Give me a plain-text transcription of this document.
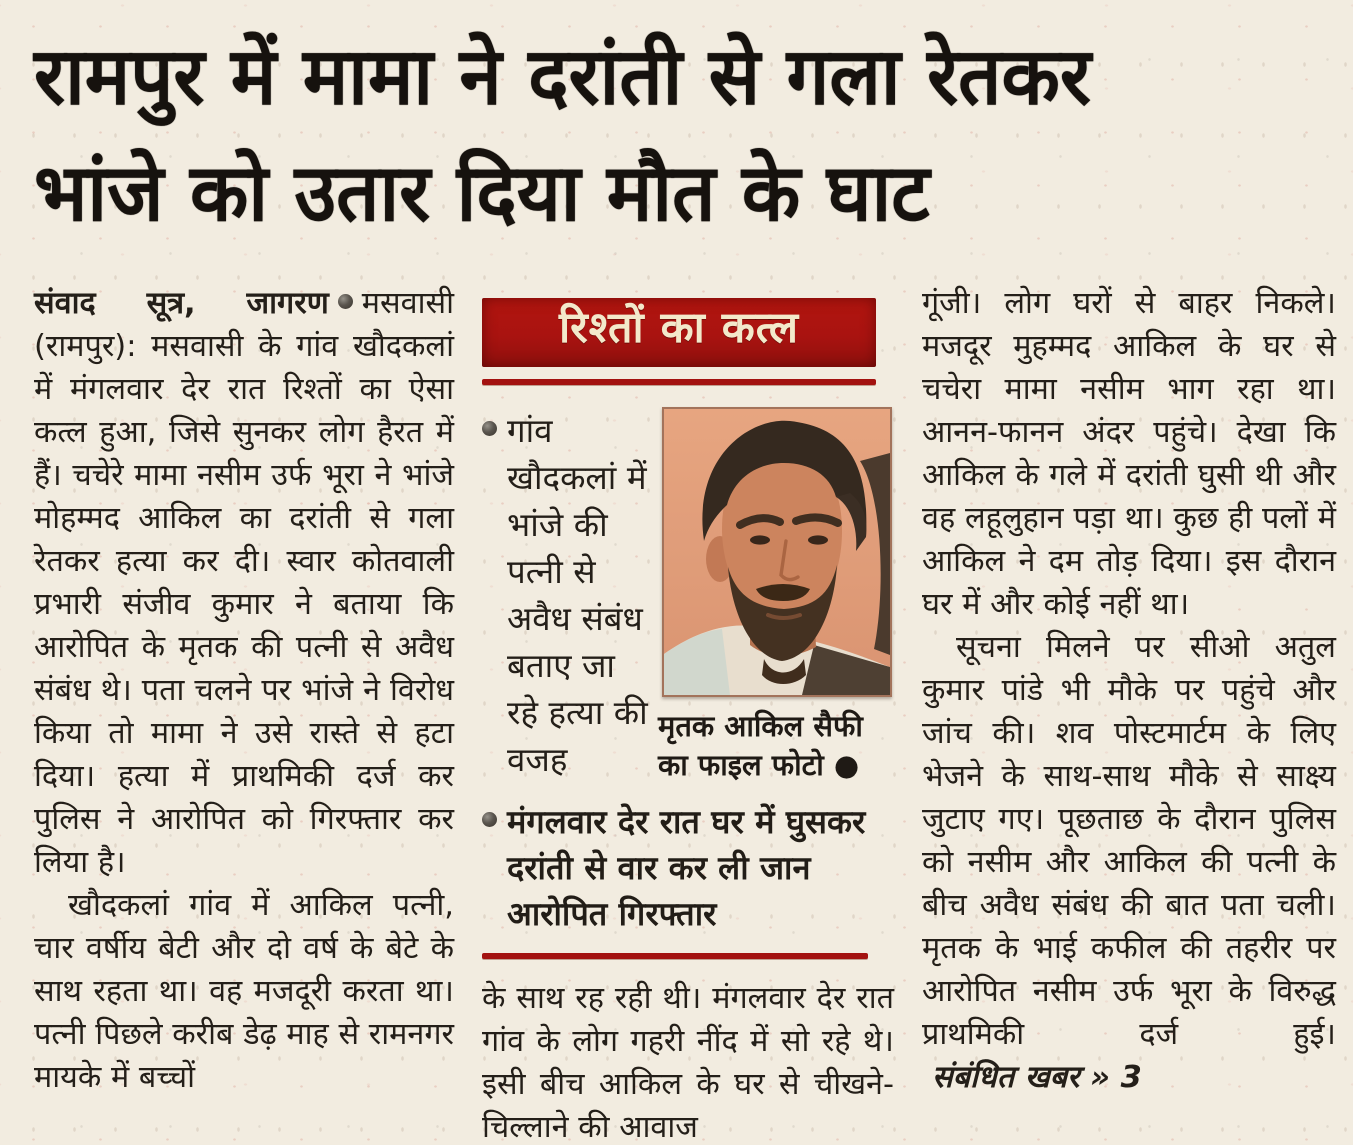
रामपुर में मामा ने दरांती से गला रेतकर
भांजे को उतार दिया मौत के घाट

संवाद सूत्र, जागरण मसवासी (रामपुर): मसवासी के गांव खौदकलां में मंगलवार देर रात रिश्तों का ऐसा कत्ल हुआ, जिसे सुनकर लोग हैरत में हैं। चचेरे मामा नसीम उर्फ भूरा ने भांजे मोहम्मद आकिल का दरांती से गला रेतकर हत्या कर दी। स्वार कोतवाली प्रभारी संजीव कुमार ने बताया कि आरोपित के मृतक की पत्नी से अवैध संबंध थे। पता चलने पर भांजे ने विरोध किया तो मामा ने उसे रास्ते से हटा दिया। हत्या में प्राथमिकी दर्ज कर पुलिस ने आरोपित को गिरफ्तार कर लिया है।

खौदकलां गांव में आकिल पत्नी, चार वर्षीय बेटी और दो वर्ष के बेटे के साथ रहता था। वह मजदूरी करता था। पत्नी पिछले करीब डेढ़ माह से रामनगर मायके में बच्चों

रिश्तों का कत्ल
गांव खौदकलां में भांजे की पत्नी से अवैध संबंध बताए जा रहे हत्या की वजह
मृतक आकिल सैफी का फाइल फोटो ●
मंगलवार देर रात घर में घुसकर दरांती से वार कर ली जान आरोपित गिरफ्तार

के साथ रह रही थी। मंगलवार देर रात गांव के लोग गहरी नींद में सो रहे थे। इसी बीच आकिल के घर से चीखने-चिल्लाने की आवाज

गूंजी। लोग घरों से बाहर निकले। मजदूर मुहम्मद आकिल के घर से चचेरा मामा नसीम भाग रहा था। आनन-फानन अंदर पहुंचे। देखा कि आकिल के गले में दरांती घुसी थी और वह लहूलुहान पड़ा था। कुछ ही पलों में आकिल ने दम तोड़ दिया। इस दौरान घर में और कोई नहीं था।

सूचना मिलने पर सीओ अतुल कुमार पांडे भी मौके पर पहुंचे और जांच की। शव पोस्टमार्टम के लिए भेजने के साथ-साथ मौके से साक्ष्य जुटाए गए। पूछताछ के दौरान पुलिस को नसीम और आकिल की पत्नी के बीच अवैध संबंध की बात पता चली। मृतक के भाई कफील की तहरीर पर आरोपित नसीम उर्फ भूरा के विरुद्ध प्राथमिकी दर्ज हुई।संबंधित खबर » 3
